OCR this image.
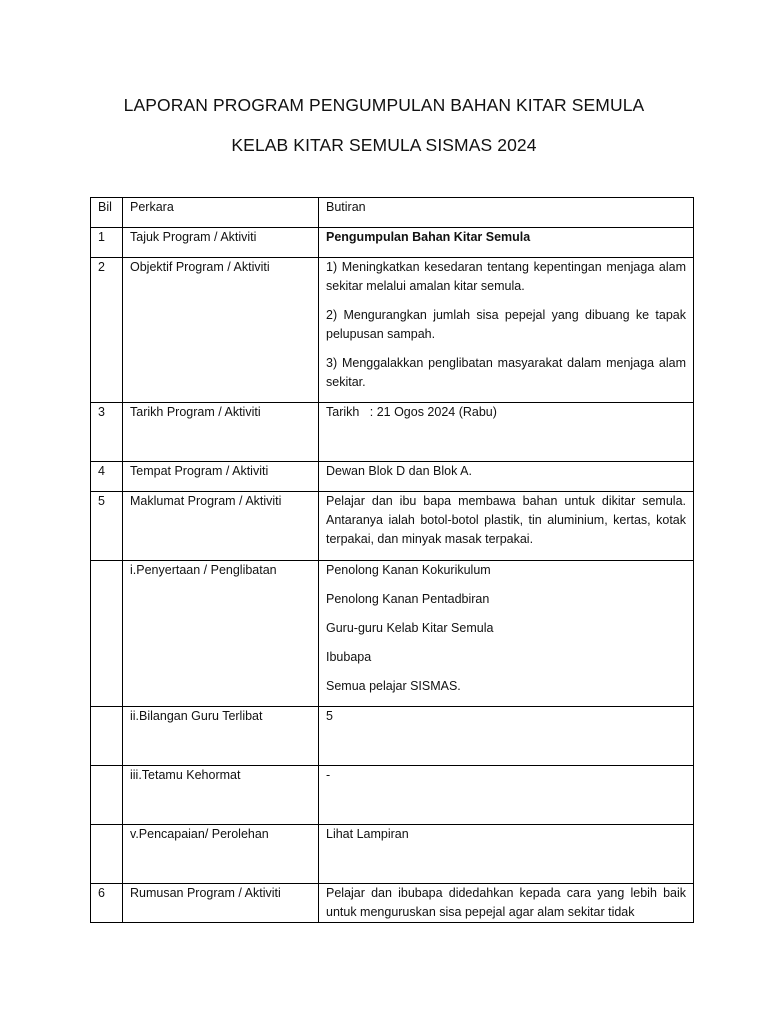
LAPORAN PROGRAM PENGUMPULAN BAHAN KITAR SEMULA
KELAB KITAR SEMULA SISMAS 2024
Bil	Perkara	Butiran
1	Tajuk Program / Aktiviti	Pengumpulan Bahan Kitar Semula
2	Objektif Program / Aktiviti	1) Meningkatkan kesedaran tentang kepentingan menjaga alam sekitar melalui amalan kitar semula.
2) Mengurangkan jumlah sisa pepejal yang dibuang ke tapak pelupusan sampah.
3) Menggalakkan penglibatan masyarakat dalam menjaga alam sekitar.

3	Tarikh Program / Aktiviti	Tarikh   : 21 Ogos 2024 (Rabu)
4	Tempat Program / Aktiviti	Dewan Blok D dan Blok A.
5	Maklumat Program / Aktiviti	Pelajar dan ibu bapa membawa bahan untuk dikitar semula. Antaranya ialah botol-botol plastik, tin aluminium, kertas, kotak terpakai, dan minyak masak terpakai.
	i.Penyertaan / Penglibatan	Penolong Kanan Kokurikulum
Penolong Kanan Pentadbiran
Guru-guru Kelab Kitar Semula
Ibubapa
Semua pelajar SISMAS.

	ii.Bilangan Guru Terlibat	5
	iii.Tetamu Kehormat	-
	v.Pencapaian/ Perolehan	Lihat Lampiran
6	Rumusan Program / Aktiviti	Pelajar dan ibubapa didedahkan kepada cara yang lebih baik untuk menguruskan sisa pepejal agar alam sekitar tidak
